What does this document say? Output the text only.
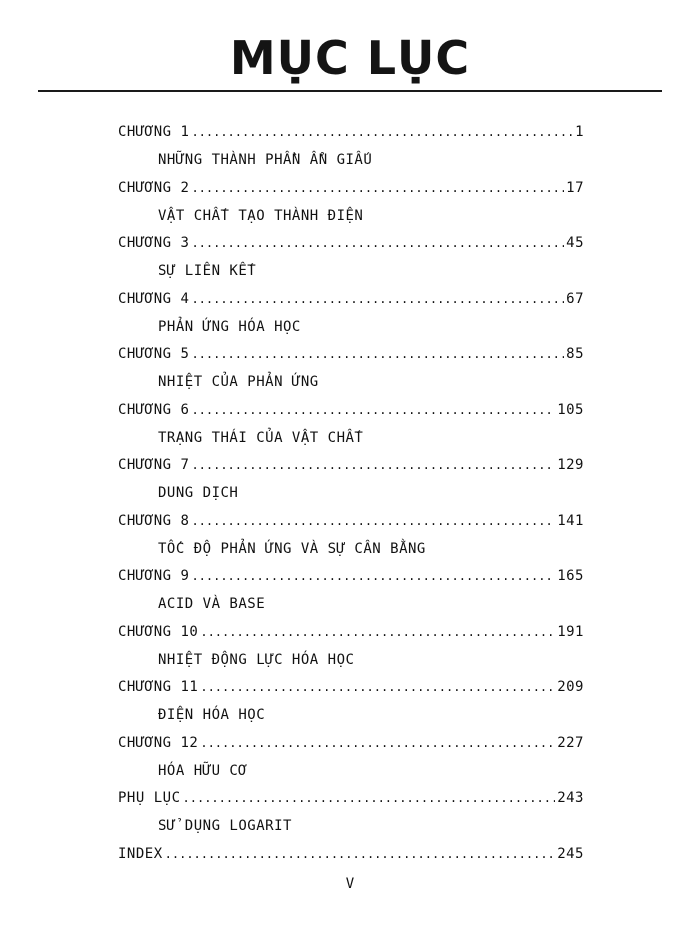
MỤC LỤC
CHƯƠNG 1 .....	1
NHỮNG THÀNH PHẦN ẨN GIẤU
CHƯƠNG 2 .....	17
VẬT CHẤT TẠO THÀNH ĐIỆN
CHƯƠNG 3 .....	45
SỰ LIÊN KẾT
CHƯƠNG 4 .....	67
PHẢN ỨNG HÓA HỌC
CHƯƠNG 5 .....	85
NHIỆT CỦA PHẢN ỨNG
CHƯƠNG 6 .....	105
TRẠNG THÁI CỦA VẬT CHẤT
CHƯƠNG 7 .....	129
DUNG DỊCH
CHƯƠNG 8 .....	141
TỐC ĐỘ PHẢN ỨNG VÀ SỰ CÂN BẰNG
CHƯƠNG 9 .....	165
ACID VÀ BASE
CHƯƠNG 10 .....	191
NHIỆT ĐỘNG LỰC HÓA HỌC
CHƯƠNG 11 .....	209
ĐIỆN HÓA HỌC
CHƯƠNG 12 .....	227
HÓA HỮU CƠ
PHỤ LỤC .....	243
SỬ DỤNG LOGARIT
INDEX .....	245
V
